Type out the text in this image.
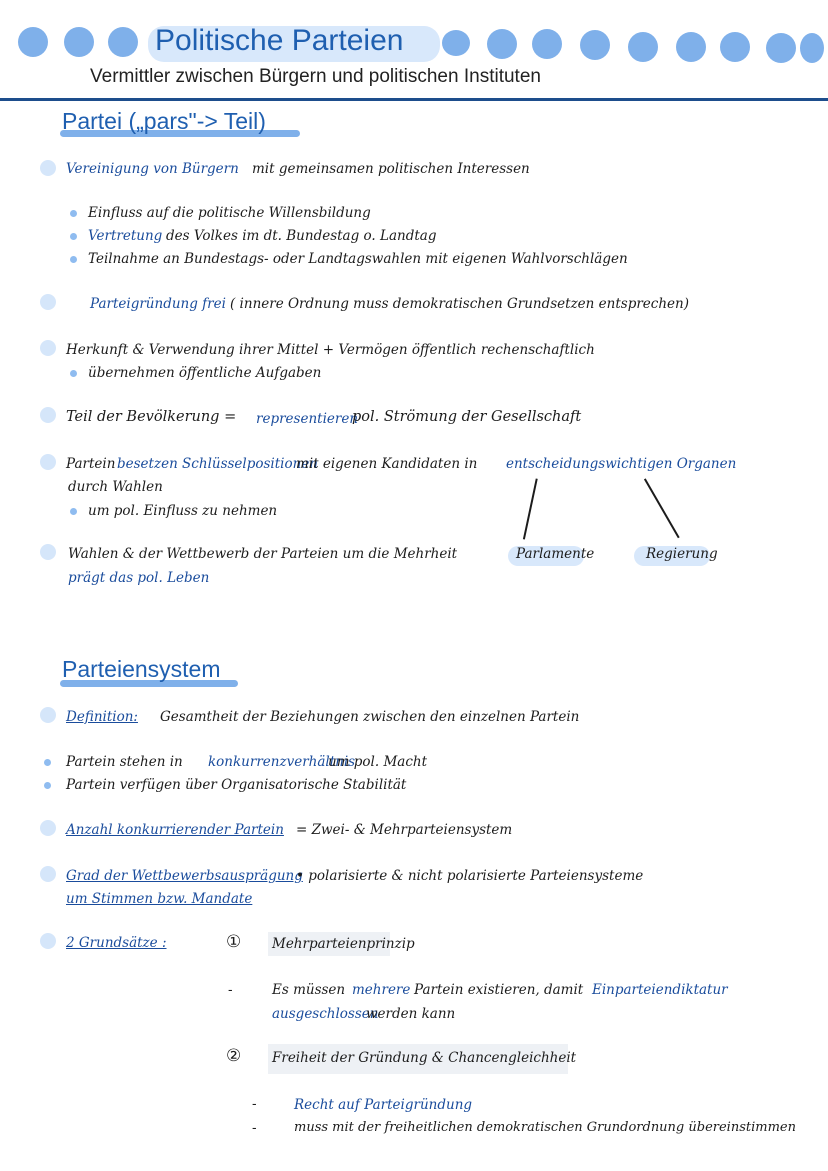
Politische Parteien
Vermittler zwischen Bürgern und politischen Instituten
Partei („pars"-> Teil)
Vereinigung von Bürgern mit gemeinsamen politischen Interessen
Einfluss auf die politische Willensbildung
Vertretung des Volkes im dt. Bundestag o. Landtag
Teilnahme an Bundestags- oder Landtagswahlen mit eigenen Wahlvorschlägen
Parteigründung frei ( innere Ordnung muss demokratischen Grundsetzen entsprechen)
Herkunft & Verwendung ihrer Mittel + Vermögen öffentlich rechenschaftlich
übernehmen öffentliche Aufgaben
Teil der Bevölkerung = representieren
pol. Strömung der Gesellschaft
Partein besetzen Schlüsselpositionen
mit eigenen Kandidaten in entscheidungswichtigen Organen
durch Wahlen
um pol. Einfluss zu nehmen
Parlamente	Regierung
Wahlen & der Wettbewerb der Parteien um die Mehrheit
prägt das pol. Leben
Parteiensystem
Definition: Gesamtheit der Beziehungen zwischen den einzelnen Partein
Partein stehen in konkurrenzverhältnis
um pol. Macht
Partein verfügen über Organisatorische Stabilität
Anzahl konkurrierender Partein = Zwei- & Mehrparteiensystem
Grad der Wettbewerbsausprägung
um Stimmen bzw. Mandate
• polarisierte & nicht polarisierte Parteiensysteme
2 Grundsätze :	① Mehrparteienprinzip
-	Es müssen mehrere Partein existieren, damit Einparteiendiktatur
ausgeschlossen
werden kann
② Freiheit der Gründung & Chancengleichheit
-	Recht auf Parteigründung
-	muss mit der freiheitlichen demokratischen Grundordnung übereinstimmen
